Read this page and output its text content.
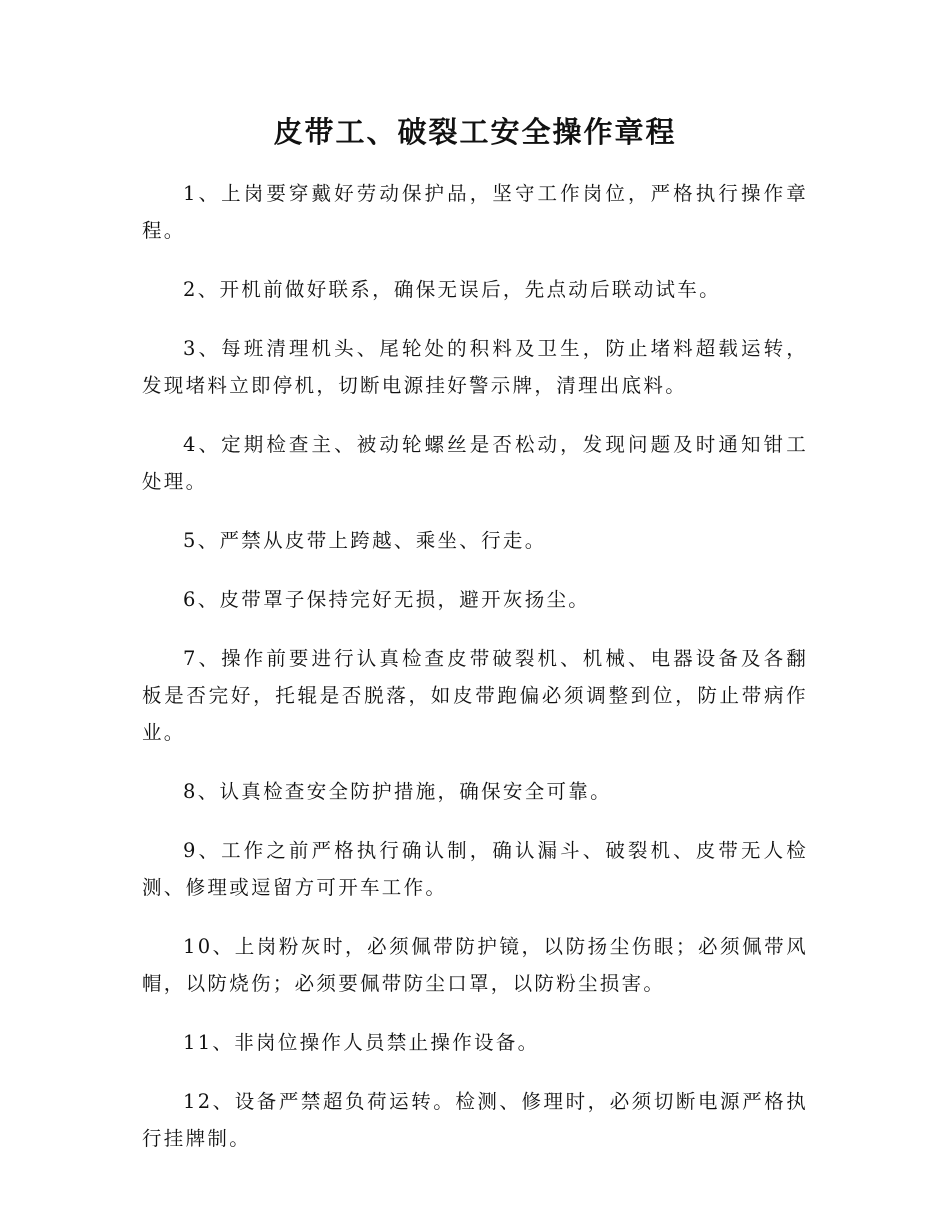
皮带工、破裂工安全操作章程

1、上岗要穿戴好劳动保护品，坚守工作岗位，严格执行操作章程。

2、开机前做好联系，确保无误后，先点动后联动试车。

3、每班清理机头、尾轮处的积料及卫生，防止堵料超载运转，发现堵料立即停机，切断电源挂好警示牌，清理出底料。

4、定期检查主、被动轮螺丝是否松动，发现问题及时通知钳工处理。

5、严禁从皮带上跨越、乘坐、行走。

6、皮带罩子保持完好无损，避开灰扬尘。

7、操作前要进行认真检查皮带破裂机、机械、电器设备及各翻板是否完好，托辊是否脱落，如皮带跑偏必须调整到位，防止带病作业。

8、认真检查安全防护措施，确保安全可靠。

9、工作之前严格执行确认制，确认漏斗、破裂机、皮带无人检测、修理或逗留方可开车工作。

10、上岗粉灰时，必须佩带防护镜，以防扬尘伤眼；必须佩带风帽，以防烧伤；必须要佩带防尘口罩，以防粉尘损害。

11、非岗位操作人员禁止操作设备。

12、设备严禁超负荷运转。检测、修理时，必须切断电源严格执行挂牌制。
